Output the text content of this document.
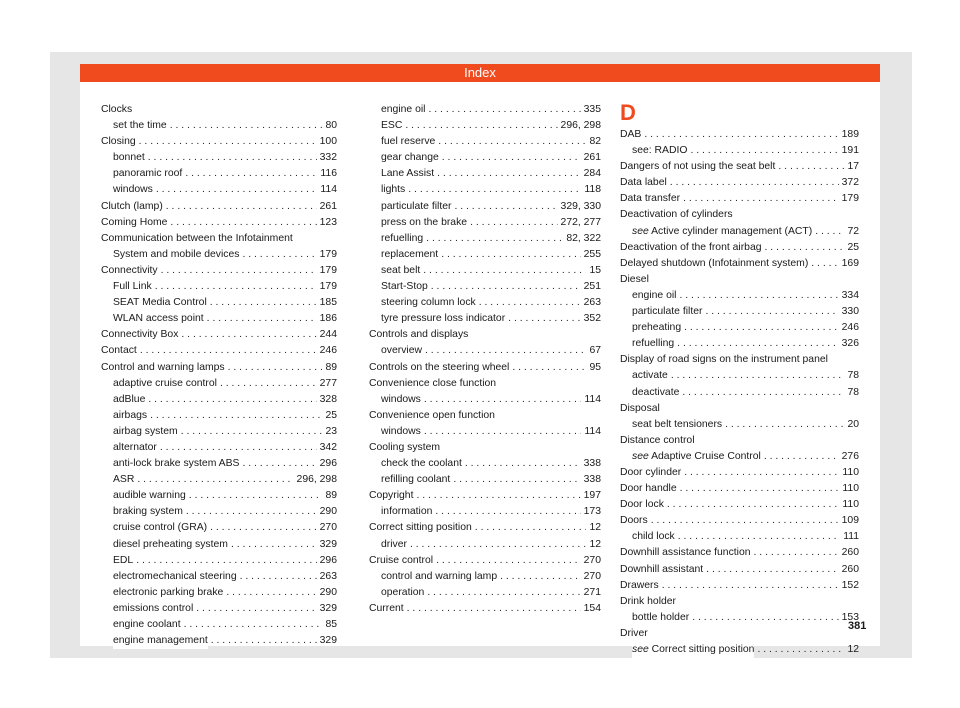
Index
Clocks
set the time . . .	80
Closing . . .	100
bonnet . . .	332
panoramic roof . . .	116
windows . . .	114
Clutch (lamp) . . .	261
Coming Home . . .	123
Communication between the Infotainment
System and mobile devices . . .	179
Connectivity . . .	179
Full Link . . .	179
SEAT Media Control . . .	185
WLAN access point . . .	186
Connectivity Box . . .	244
Contact . . .	246
Control and warning lamps . . .	89
adaptive cruise control . . .	277
adBlue . . .	328
airbags . . .	25
airbag system . . .	23
alternator . . .	342
anti-lock brake system ABS . . .	296
ASR . . .	296, 298
audible warning . . .	89
braking system . . .	290
cruise control (GRA) . . .	270
diesel preheating system . . .	329
EDL . . .	296
electromechanical steering . . .	263
electronic parking brake . . .	290
emissions control . . .	329
engine coolant . . .	85
engine management . . .	329
engine oil . . .	335
ESC . . .	296, 298
fuel reserve . . .	82
gear change . . .	261
Lane Assist . . .	284
lights . . .	118
particulate filter . . .	329, 330
press on the brake . . .	272, 277
refuelling . . .	82, 322
replacement . . .	255
seat belt . . .	15
Start-Stop . . .	251
steering column lock . . .	263
tyre pressure loss indicator . . .	352
Controls and displays
overview . . .	67
Controls on the steering wheel . . .	95
Convenience close function
windows . . .	114
Convenience open function
windows . . .	114
Cooling system
check the coolant . . .	338
refilling coolant . . .	338
Copyright . . .	197
information . . .	173
Correct sitting position . . .	12
driver . . .	12
Cruise control . . .	270
control and warning lamp . . .	270
operation . . .	271
Current . . .	154
D
DAB . . .	189
see: RADIO . . .	191
Dangers of not using the seat belt . . .	17
Data label . . .	372
Data transfer . . .	179
Deactivation of cylinders
see Active cylinder management (ACT) . . .	72
Deactivation of the front airbag . . .	25
Delayed shutdown (Infotainment system) . . .	169
Diesel
engine oil . . .	334
particulate filter . . .	330
preheating . . .	246
refuelling . . .	326
Display of road signs on the instrument panel
activate . . .	78
deactivate . . .	78
Disposal
seat belt tensioners . . .	20
Distance control
see Adaptive Cruise Control . . .	276
Door cylinder . . .	110
Door handle . . .	110
Door lock . . .	110
Doors . . .	109
child lock . . .	111
Downhill assistance function . . .	260
Downhill assistant . . .	260
Drawers . . .	152
Drink holder
bottle holder . . .	153
Driver
see Correct sitting position . . .	12
381
